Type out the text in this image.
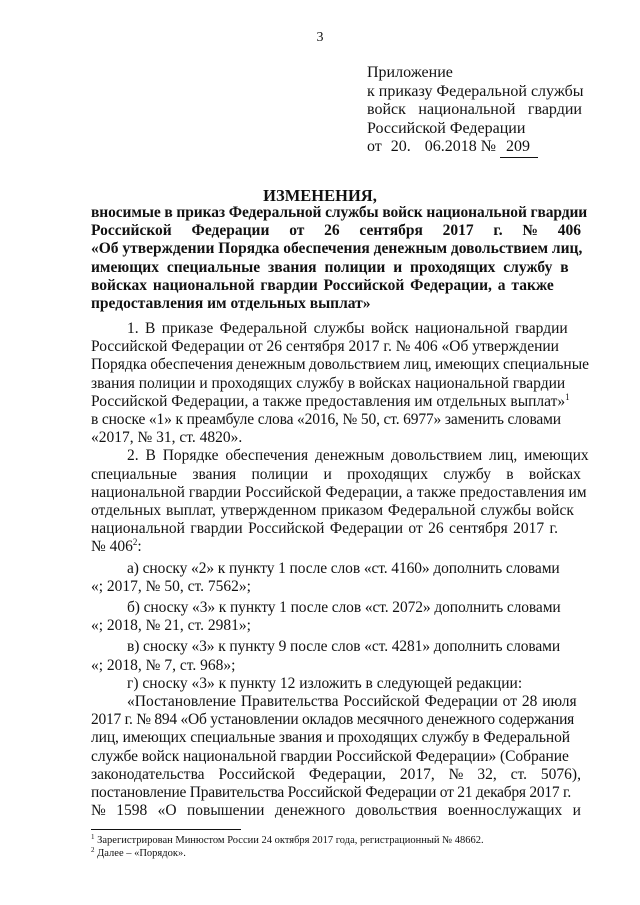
3
Приложение
к приказу Федеральной службы
войск национальной гвардии
Российской Федерации
от 20. 06.2018 № 209
ИЗМЕНЕНИЯ,
вносимые в приказ Федеральной службы войск национальной гвардии
Российской Федерации от 26 сентября 2017 г. № 406
«Об утверждении Порядка обеспечения денежным довольствием лиц,
имеющих специальные звания полиции и проходящих службу в
войсках национальной гвардии Российской Федерации, а также
предоставления им отдельных выплат»
1. В приказе Федеральной службы войск национальной гвардии
Российской Федерации от 26 сентября 2017 г. № 406 «Об утверждении
Порядка обеспечения денежным довольствием лиц, имеющих специальные
звания полиции и проходящих службу в войсках национальной гвардии
Российской Федерации, а также предоставления им отдельных выплат»$^1$
в сноске «1» к преамбуле слова «2016, № 50, ст. 6977» заменить словами
«2017, № 31, ст. 4820».
2. В Порядке обеспечения денежным довольствием лиц, имеющих
специальные звания полиции и проходящих службу в войсках
национальной гвардии Российской Федерации, а также предоставления им
отдельных выплат, утвержденном приказом Федеральной службы войск
национальной гвардии Российской Федерации от 26 сентября 2017 г.
№ $406^2$:
а) сноску «2» к пункту 1 после слов «ст. 4160» дополнить словами
«; 2017, № 50, ст. 7562»;
б) сноску «3» к пункту 1 после слов «ст. 2072» дополнить словами
«; 2018, № 21, ст. 2981»;
в) сноску «3» к пункту 9 после слов «ст. 4281» дополнить словами
«; 2018, № 7, ст. 968»;
г) сноску «3» к пункту 12 изложить в следующей редакции:
«Постановление Правительства Российской Федерации от 28 июля
2017 г. № 894 «Об установлении окладов месячного денежного содержания
лиц, имеющих специальные звания и проходящих службу в Федеральной
службе войск национальной гвардии Российской Федерации» (Собрание
законодательства Российской Федерации, 2017, № 32, ст. 5076),
постановление Правительства Российской Федерации от 21 декабря 2017 г.
№ 1598 «О повышении денежного довольствия военнослужащих и
$^1$ Зарегистрирован Минюстом России 24 октября 2017 года, регистрационный № 48662.
$^2$ Далее – «Порядок».
